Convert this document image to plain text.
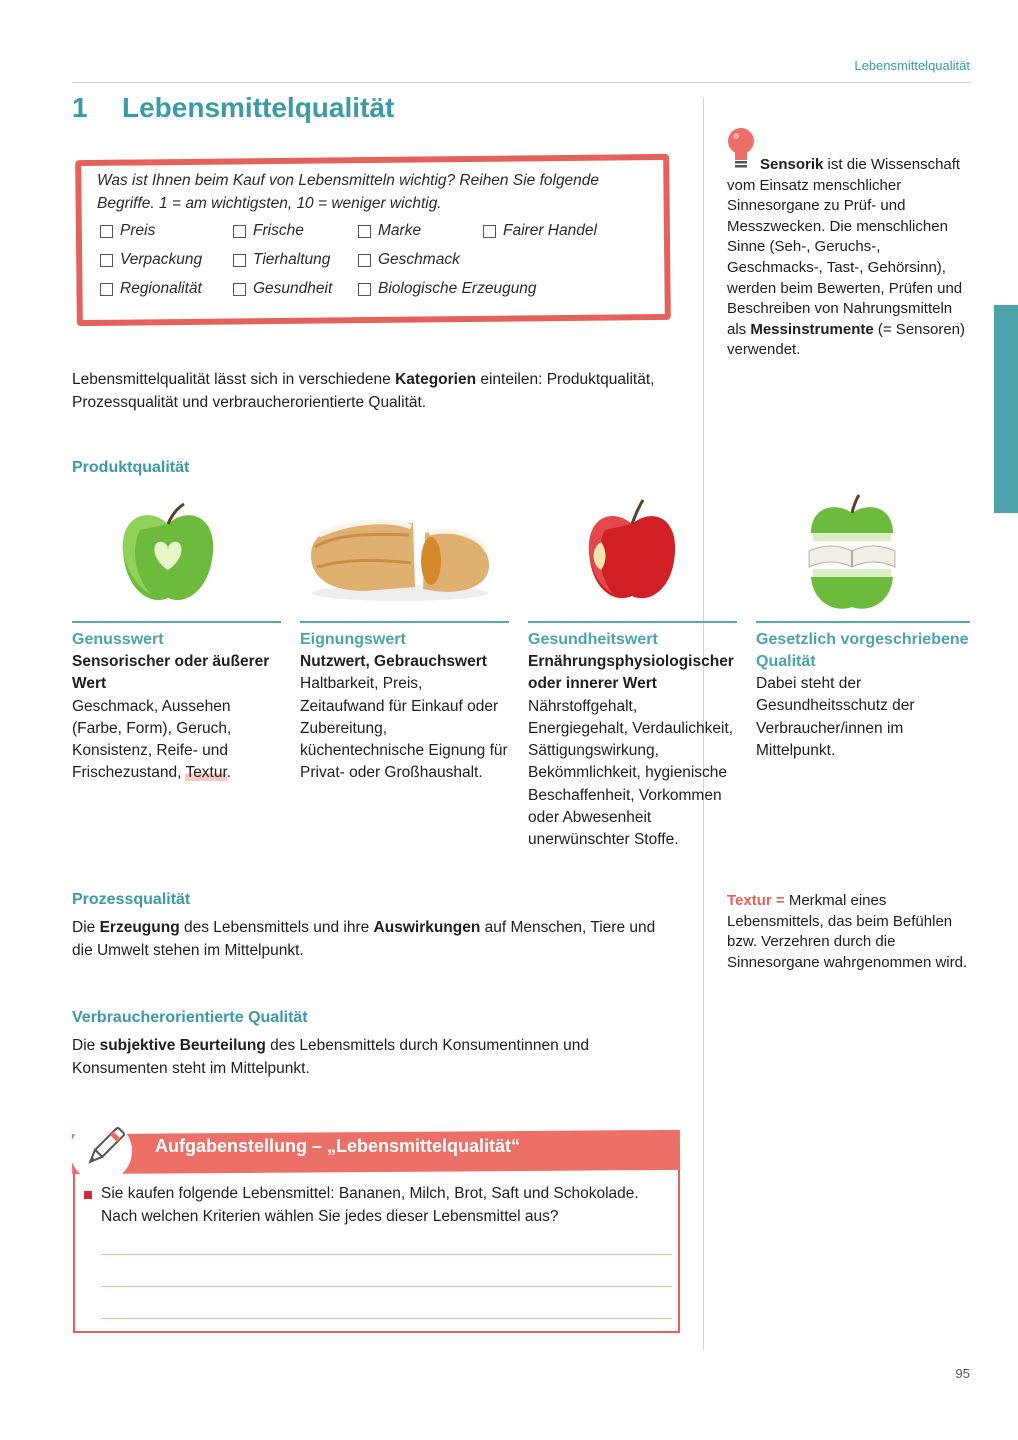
Lebensmittelqualität
1 Lebensmittelqualität
Was ist Ihnen beim Kauf von Lebensmitteln wichtig? Reihen Sie folgende Begriffe. 1 = am wichtigsten, 10 = weniger wichtig.
Preis	Frische	Marke	Fairer Handel
Verpackung	Tierhaltung	Geschmack
Regionalität	Gesundheit	Biologische Erzeugung
Sensorik ist die Wissenschaft vom Einsatz menschlicher Sinnesorgane zu Prüf- und Messzwecken. Die menschlichen Sinne (Seh-, Geruchs-, Geschmacks-, Tast-, Gehörsinn), werden beim Bewerten, Prüfen und Beschreiben von Nahrungsmitteln als Messinstrumente (= Sensoren) verwendet.
Lebensmittelqualität lässt sich in verschiedene Kategorien einteilen: Produktqualität, Prozessqualität und verbraucherorientierte Qualität.
Produktqualität
Genusswert
Sensorischer oder äußerer Wert
Geschmack, Aussehen (Farbe, Form), Geruch, Konsistenz, Reife- und Frischezustand, Textur.
Eignungswert
Nutzwert, Gebrauchswert
Haltbarkeit, Preis, Zeitaufwand für Einkauf oder Zubereitung, küchentechnische Eignung für Privat- oder Großhaushalt.
Gesundheitswert
Ernährungsphysiologischer oder innerer Wert
Nährstoffgehalt, Energiegehalt, Verdaulichkeit, Sättigungswirkung, Bekömmlichkeit, hygienische Beschaffenheit, Vorkommen oder Abwesenheit unerwünschter Stoffe.
Gesetzlich vorgeschriebene Qualität
Dabei steht der Gesundheitsschutz der Verbraucher/innen im Mittelpunkt.
Prozessqualität
Die Erzeugung des Lebensmittels und ihre Auswirkungen auf Menschen, Tiere und die Umwelt stehen im Mittelpunkt.
Textur = Merkmal eines Lebensmittels, das beim Befühlen bzw. Verzehren durch die Sinnesorgane wahrgenommen wird.
Verbraucherorientierte Qualität
Die subjektive Beurteilung des Lebensmittels durch Konsumentinnen und Konsumenten steht im Mittelpunkt.
Aufgabenstellung – „Lebensmittelqualität“
Sie kaufen folgende Lebensmittel: Bananen, Milch, Brot, Saft und Schokolade. Nach welchen Kriterien wählen Sie jedes dieser Lebensmittel aus?
95
